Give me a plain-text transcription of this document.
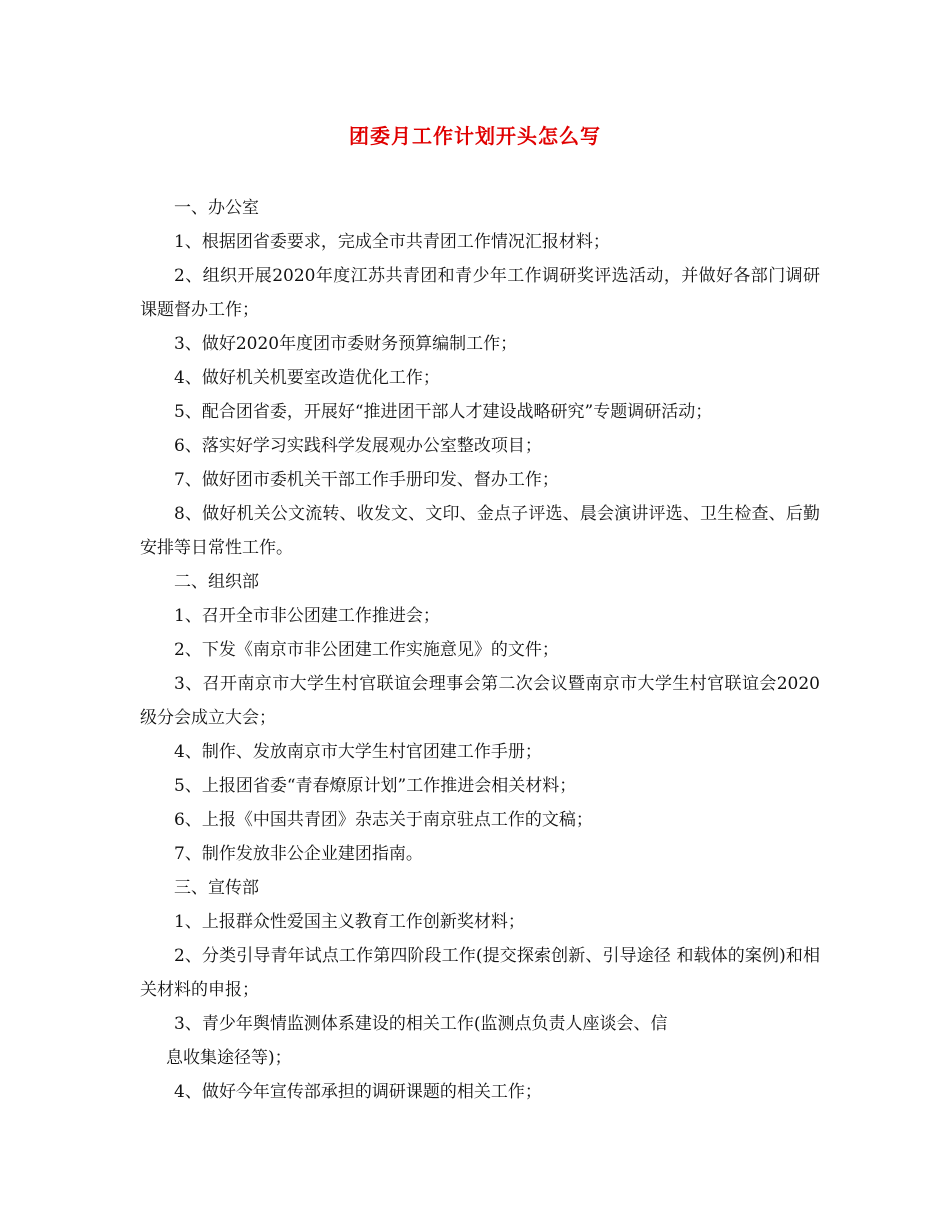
团委月工作计划开头怎么写

一、办公室

1、根据团省委要求，完成全市共青团工作情况汇报材料；

2、组织开展2020年度江苏共青团和青少年工作调研奖评选活动，并做好各部门调研课题督办工作；

3、做好2020年度团市委财务预算编制工作；

4、做好机关机要室改造优化工作；

5、配合团省委，开展好“推进团干部人才建设战略研究”专题调研活动；

6、落实好学习实践科学发展观办公室整改项目；

7、做好团市委机关干部工作手册印发、督办工作；

8、做好机关公文流转、收发文、文印、金点子评选、晨会演讲评选、卫生检查、后勤安排等日常性工作。

二、组织部

1、召开全市非公团建工作推进会；

2、下发《南京市非公团建工作实施意见》的文件；

3、召开南京市大学生村官联谊会理事会第二次会议暨南京市大学生村官联谊会2020级分会成立大会；

4、制作、发放南京市大学生村官团建工作手册；

5、上报团省委“青春燎原计划”工作推进会相关材料；

6、上报《中国共青团》杂志关于南京驻点工作的文稿；

7、制作发放非公企业建团指南。

三、宣传部

1、上报群众性爱国主义教育工作创新奖材料；

2、分类引导青年试点工作第四阶段工作(提交探索创新、引导途径 和载体的案例)和相关材料的申报；

3、青少年舆情监测体系建设的相关工作(监测点负责人座谈会、信

息收集途径等)；

4、做好今年宣传部承担的调研课题的相关工作；
